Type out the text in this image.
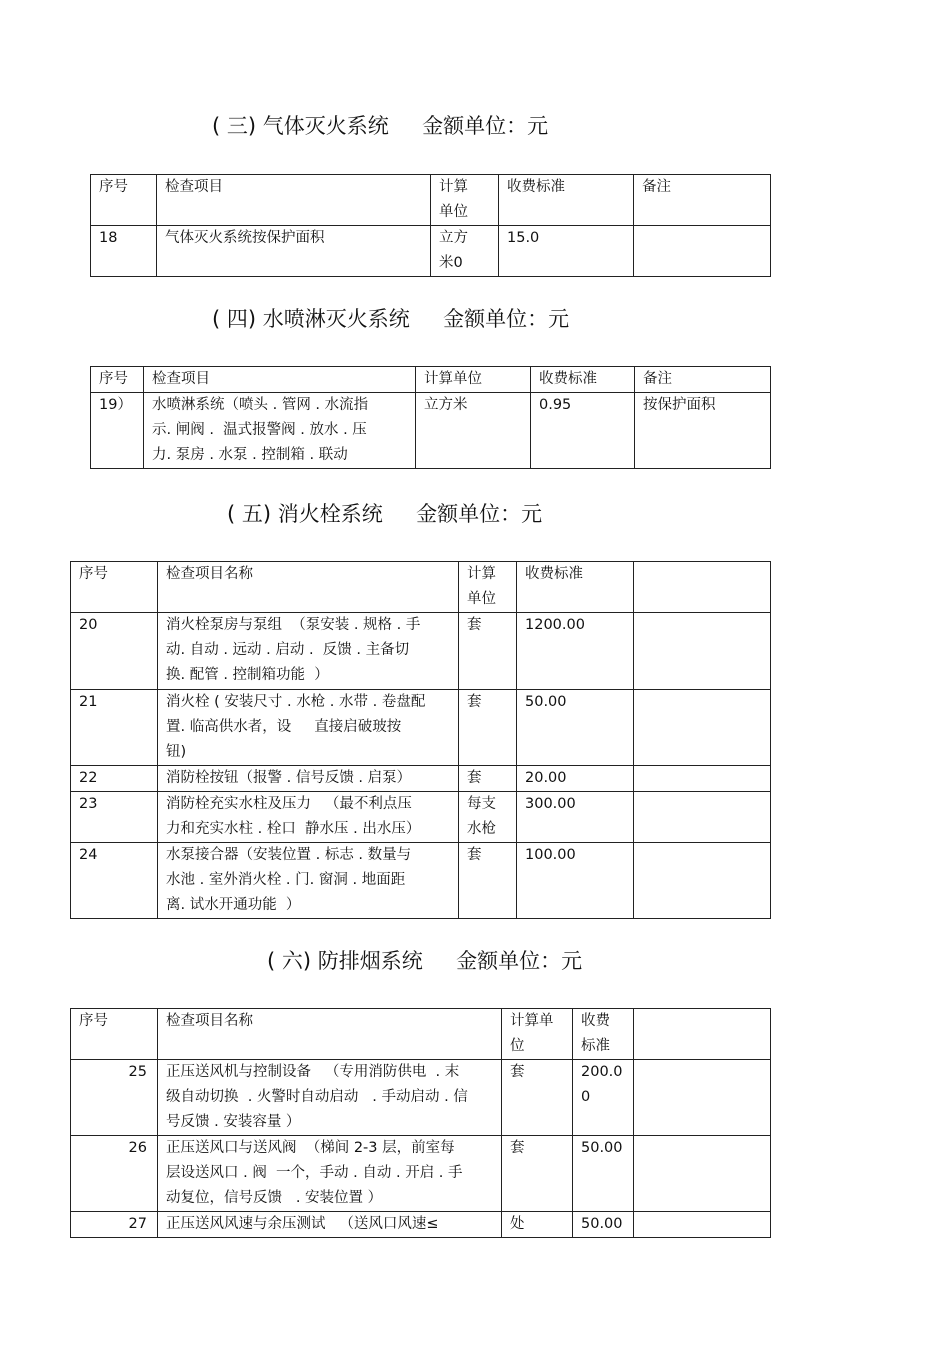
( 三) 气体灭火系统     金额单位：元
序号	检查项目	计算
单位	收费标准	备注
18	气体灭火系统按保护面积	立方
米0	15.0	
( 四) 水喷淋灭火系统     金额单位：元
序号	检查项目	计算单位	收费标准	备注
19）	水喷淋系统（喷头 . 管网 . 水流指
示. 闸阀 .  温式报警阀 . 放水 . 压
力. 泵房 . 水泵 . 控制箱 . 联动	立方米	0.95	按保护面积
( 五) 消火栓系统     金额单位：元
序号	检查项目名称	计算
单位	收费标准	
20	消火栓泵房与泵组  （泵安装 . 规格 . 手
动. 自动 . 远动 . 启动 .  反馈 . 主备切
换. 配管 . 控制箱功能  ）	套	1200.00	
21	消火栓 ( 安装尺寸 . 水枪 . 水带 . 卷盘配
置. 临高供水者，设     直接启破玻按
钮)	套	50.00	
22	消防栓按钮（报警 . 信号反馈 . 启泵）	套	20.00	
23	消防栓充实水柱及压力   （最不利点压
力和充实水柱 . 栓口  静水压 . 出水压）	每支
水枪	300.00	
24	水泵接合器（安装位置 . 标志 . 数量与
水池 . 室外消火栓 . 门. 窗洞 . 地面距
离. 试水开通功能  ）	套	100.00	
( 六) 防排烟系统     金额单位：元
序号	检查项目名称	计算单
位	收费
标准	
25	正压送风机与控制设备   （专用消防供电  . 末
级自动切换  . 火警时自动启动   . 手动启动 . 信
号反馈 . 安装容量 ）	套	200.0
0	
26	正压送风口与送风阀  （梯间 2-3 层，前室每
层设送风口 . 阀  一个，手动 . 自动 . 开启 . 手
动复位，信号反馈   . 安装位置 ）	套	50.00	
27	正压送风风速与余压测试   （送风口风速≤	处	50.00	
